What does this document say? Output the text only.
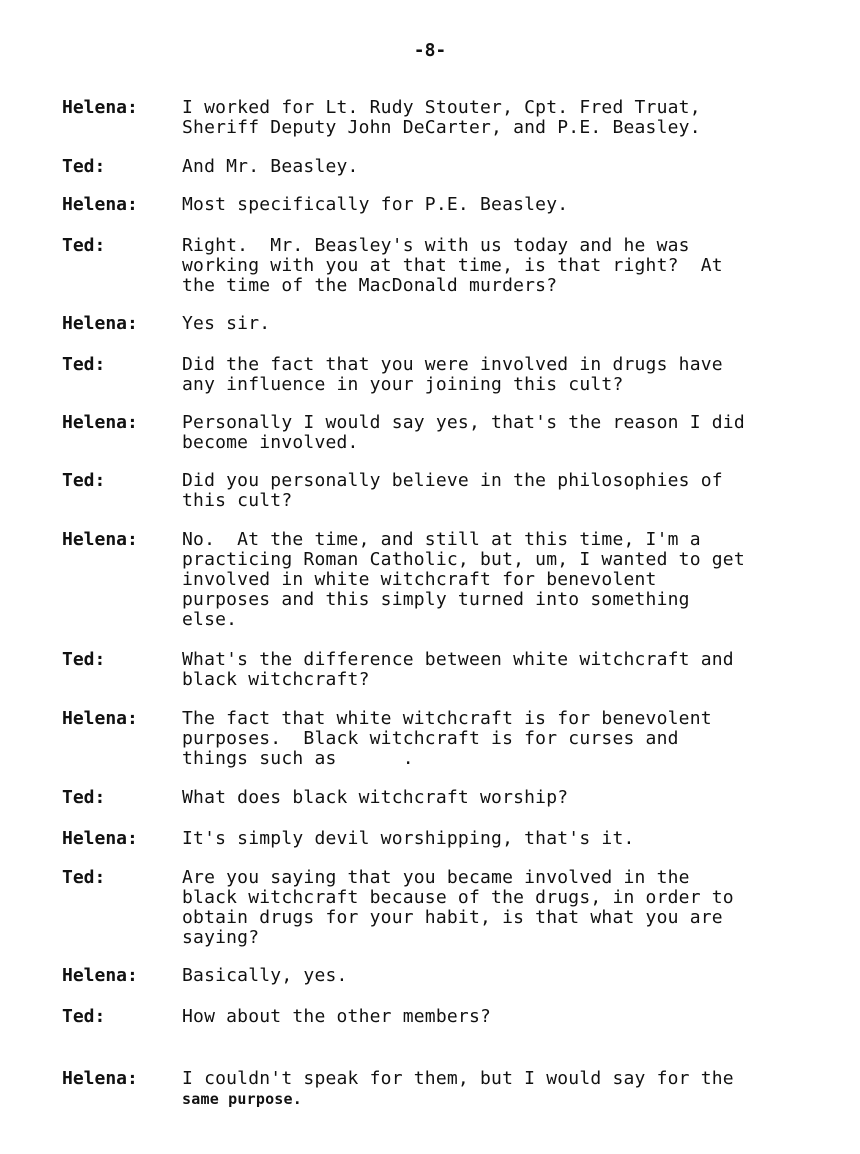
-8-
Helena: I worked for Lt. Rudy Stouter, Cpt. Fred Truat,
Sheriff Deputy John DeCarter, and P.E. Beasley.
Ted:	And Mr. Beasley.
Helena: Most specifically for P.E. Beasley.
Ted:	Right.  Mr. Beasley's with us today and he was
working with you at that time, is that right?  At
the time of the MacDonald murders?
Helena: Yes sir.
Ted:	Did the fact that you were involved in drugs have
any influence in your joining this cult?
Helena: Personally I would say yes, that's the reason I did
become involved.
Ted:	Did you personally believe in the philosophies of
this cult?
Helena: No.  At the time, and still at this time, I'm a
practicing Roman Catholic, but, um, I wanted to get
involved in white witchcraft for benevolent
purposes and this simply turned into something
else.
Ted:	What's the difference between white witchcraft and
black witchcraft?
Helena: The fact that white witchcraft is for benevolent
purposes.  Black witchcraft is for curses and
things such as      .
Ted:	What does black witchcraft worship?
Helena: It's simply devil worshipping, that's it.
Ted:	Are you saying that you became involved in the
black witchcraft because of the drugs, in order to
obtain drugs for your habit, is that what you are
saying?
Helena: Basically, yes.
Ted:	How about the other members?
Helena: I couldn't speak for them, but I would say for the
same purpose.
